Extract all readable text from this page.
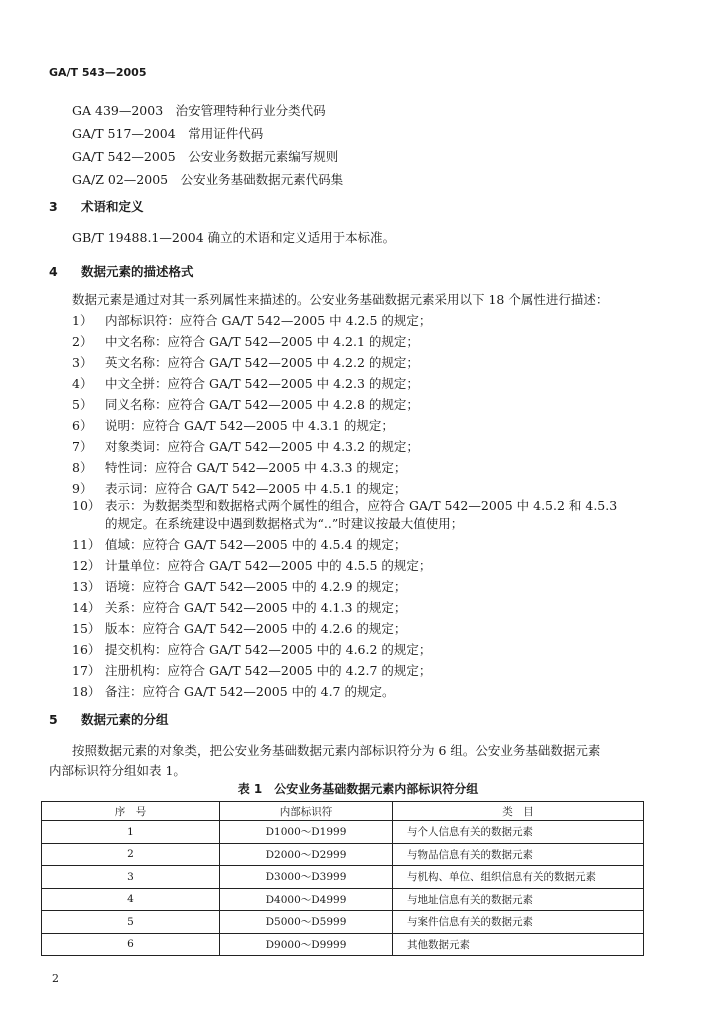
GA/T 543—2005
GA 439—2003　治安管理特种行业分类代码
GA/T 517—2004　常用证件代码
GA/T 542—2005　公安业务数据元素编写规则
GA/Z 02—2005　公安业务基础数据元素代码集
3 术语和定义
GB/T 19488.1—2004 确立的术语和定义适用于本标准。
4 数据元素的描述格式
数据元素是通过对其一系列属性来描述的。公安业务基础数据元素采用以下 18 个属性进行描述：
1） 内部标识符：应符合 GA/T 542—2005 中 4.2.5 的规定；
2） 中文名称：应符合 GA/T 542—2005 中 4.2.1 的规定；
3） 英文名称：应符合 GA/T 542—2005 中 4.2.2 的规定；
4） 中文全拼：应符合 GA/T 542—2005 中 4.2.3 的规定；
5） 同义名称：应符合 GA/T 542—2005 中 4.2.8 的规定；
6） 说明：应符合 GA/T 542—2005 中 4.3.1 的规定；
7） 对象类词：应符合 GA/T 542—2005 中 4.3.2 的规定；
8） 特性词：应符合 GA/T 542—2005 中 4.3.3 的规定；
9） 表示词：应符合 GA/T 542—2005 中 4.5.1 的规定；
10） 表示：为数据类型和数据格式两个属性的组合，应符合 GA/T 542—2005 中 4.5.2 和 4.5.3
11） 值域：应符合 GA/T 542—2005 中的 4.5.4 的规定；
12） 计量单位：应符合 GA/T 542—2005 中的 4.5.5 的规定；
13） 语境：应符合 GA/T 542—2005 中的 4.2.9 的规定；
14） 关系：应符合 GA/T 542—2005 中的 4.1.3 的规定；
15） 版本：应符合 GA/T 542—2005 中的 4.2.6 的规定；
16） 提交机构：应符合 GA/T 542—2005 中的 4.6.2 的规定；
17） 注册机构：应符合 GA/T 542—2005 中的 4.2.7 的规定；
18） 备注：应符合 GA/T 542—2005 中的 4.7 的规定。
的规定。在系统建设中遇到数据格式为“..”时建议按最大值使用；
5 数据元素的分组
按照数据元素的对象类，把公安业务基础数据元素内部标识符分为 6 组。公安业务基础数据元素
内部标识符分组如表 1。
表 1　公安业务基础数据元素内部标识符分组
序　号	内部标识符	类　目
1	D1000～D1999	与个人信息有关的数据元素
2	D2000～D2999	与物品信息有关的数据元素
3	D3000～D3999	与机构、单位、组织信息有关的数据元素
4	D4000～D4999	与地址信息有关的数据元素
5	D5000～D5999	与案件信息有关的数据元素
6	D9000～D9999	其他数据元素
2
